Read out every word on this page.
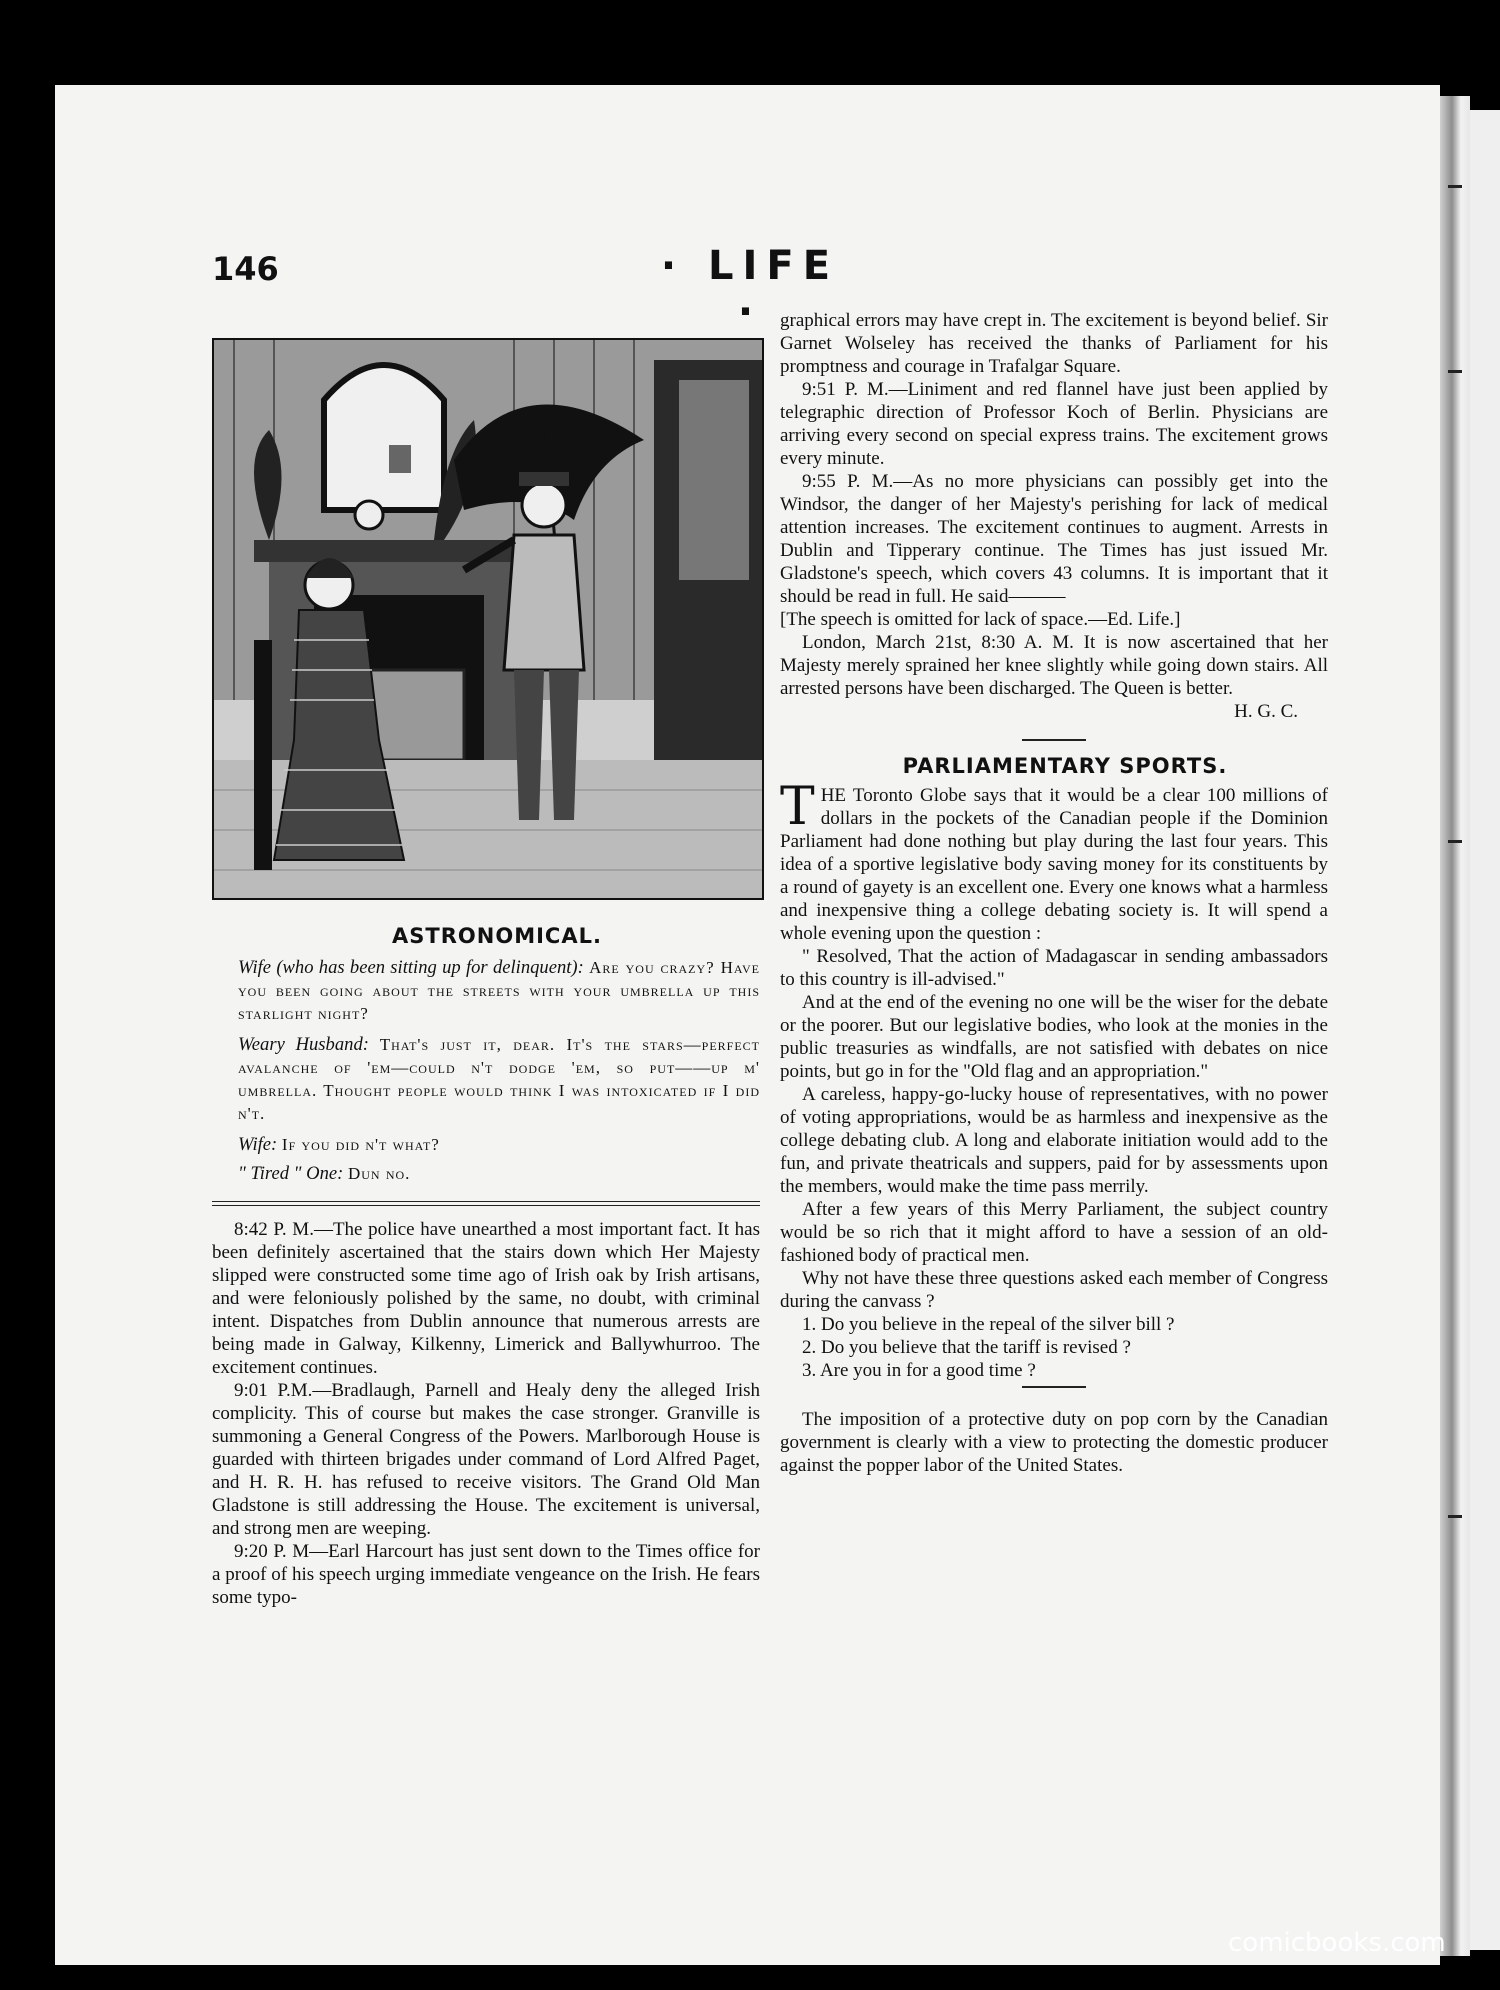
146	· LIFE ·

ASTRONOMICAL.

Wife (who has been sitting up for delinquent): Are you crazy? Have you been going about the streets with your umbrella up this starlight night?

Weary Husband: That's just it, dear. It's the stars—perfect avalanche of 'em—could n't dodge 'em, so put——up m' umbrella. Thought people would think I was intoxicated if I did n't.

Wife: If you did n't what?

" Tired " One: Dun no.

8:42 P. M.—The police have unearthed a most important fact. It has been definitely ascertained that the stairs down which Her Majesty slipped were constructed some time ago of Irish oak by Irish artisans, and were feloniously polished by the same, no doubt, with criminal intent. Dispatches from Dublin announce that numerous arrests are being made in Galway, Kilkenny, Limerick and Ballywhurroo. The excitement continues.

9:01 P.M.—Bradlaugh, Parnell and Healy deny the alleged Irish complicity. This of course but makes the case stronger. Granville is summoning a General Congress of the Powers. Marlborough House is guarded with thirteen brigades under command of Lord Alfred Paget, and H. R. H. has refused to receive visitors. The Grand Old Man Gladstone is still addressing the House. The excitement is universal, and strong men are weeping.

9:20 P. M—Earl Harcourt has just sent down to the Times office for a proof of his speech urging immediate vengeance on the Irish. He fears some typo-

graphical errors may have crept in. The excitement is beyond belief. Sir Garnet Wolseley has received the thanks of Parliament for his promptness and courage in Trafalgar Square.

9:51 P. M.—Liniment and red flannel have just been applied by telegraphic direction of Professor Koch of Berlin. Physicians are arriving every second on special express trains. The excitement grows every minute.

9:55 P. M.—As no more physicians can possibly get into the Windsor, the danger of her Majesty's perishing for lack of medical attention increases. The excitement continues to augment. Arrests in Dublin and Tipperary continue. The Times has just issued Mr. Gladstone's speech, which covers 43 columns. It is important that it should be read in full. He said———

[The speech is omitted for lack of space.—Ed. Life.]

London, March 21st, 8:30 A. M. It is now ascertained that her Majesty merely sprained her knee slightly while going down stairs. All arrested persons have been discharged. The Queen is better.

H. G. C.

PARLIAMENTARY SPORTS.

THE Toronto Globe says that it would be a clear 100 millions of dollars in the pockets of the Canadian people if the Dominion Parliament had done nothing but play during the last four years. This idea of a sportive legislative body saving money for its constituents by a round of gayety is an excellent one. Every one knows what a harmless and inexpensive thing a college debating society is. It will spend a whole evening upon the question :

" Resolved, That the action of Madagascar in sending ambassadors to this country is ill-advised."

And at the end of the evening no one will be the wiser for the debate or the poorer. But our legislative bodies, who look at the monies in the public treasuries as windfalls, are not satisfied with debates on nice points, but go in for the "Old flag and an appropriation."

A careless, happy-go-lucky house of representatives, with no power of voting appropriations, would be as harmless and inexpensive as the college debating club. A long and elaborate initiation would add to the fun, and private theatricals and suppers, paid for by assessments upon the members, would make the time pass merrily.

After a few years of this Merry Parliament, the subject country would be so rich that it might afford to have a session of an old-fashioned body of practical men.

Why not have these three questions asked each member of Congress during the canvass ?

1. Do you believe in the repeal of the silver bill ?

2. Do you believe that the tariff is revised ?

3. Are you in for a good time ?

The imposition of a protective duty on pop corn by the Canadian government is clearly with a view to protecting the domestic producer against the popper labor of the United States.

comicbooks.com
